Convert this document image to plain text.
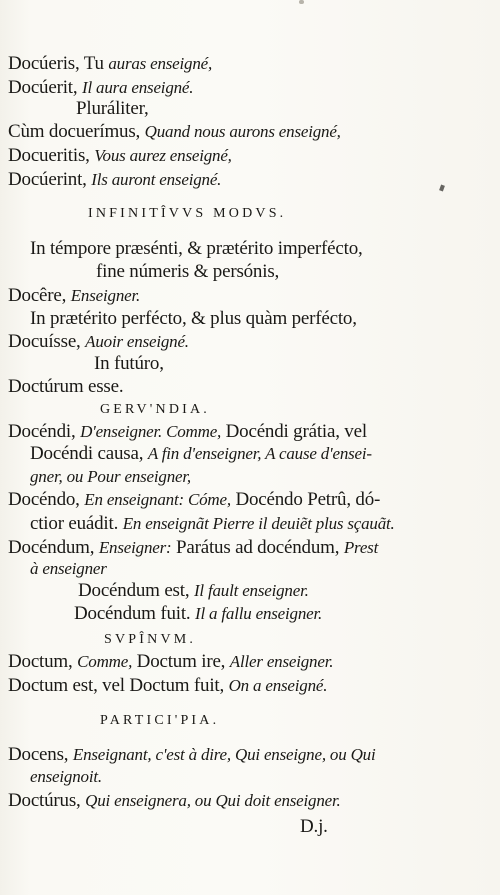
Docúeris, Tu auras enseigné,
Docúerit, Il aura enseigné.
Pluráliter,
Cùm docuerímus, Quand nous aurons enseigné,
Docueritis, Vous aurez enseigné,
Docúerint, Ils auront enseigné.
INFINITÎVVS MODVS.
In témpore præsénti, & prætérito imperfécto,
fine númeris & persónis,
Docêre, Enseigner.
In prætérito perfécto, & plus quàm perfécto,
Docuísse, Auoir enseigné.
In futúro,
Doctúrum esse.
GERV'NDIA.
Docéndi, D'enseigner. Comme, Docéndi grátia, vel
Docéndi causa, A fin d'enseigner, A cause d'ensei-
gner, ou Pour enseigner,
Docéndo, En enseignant: Cóme, Docéndo Petrû, dó-
ctior euádit. En enseignãt Pierre il deuiẽt plus sçauãt.
Docéndum, Enseigner: Parátus ad docéndum, Prest
à enseigner
Docéndum est, Il fault enseigner.
Docéndum fuit. Il a fallu enseigner.
SVPÎNVM.
Doctum, Comme, Doctum ire, Aller enseigner.
Doctum est, vel Doctum fuit, On a enseigné.
PARTICI'PIA.
Docens, Enseignant, c'est à dire, Qui enseigne, ou Qui
enseignoit.
Doctúrus, Qui enseignera, ou Qui doit enseigner.
D.j.
